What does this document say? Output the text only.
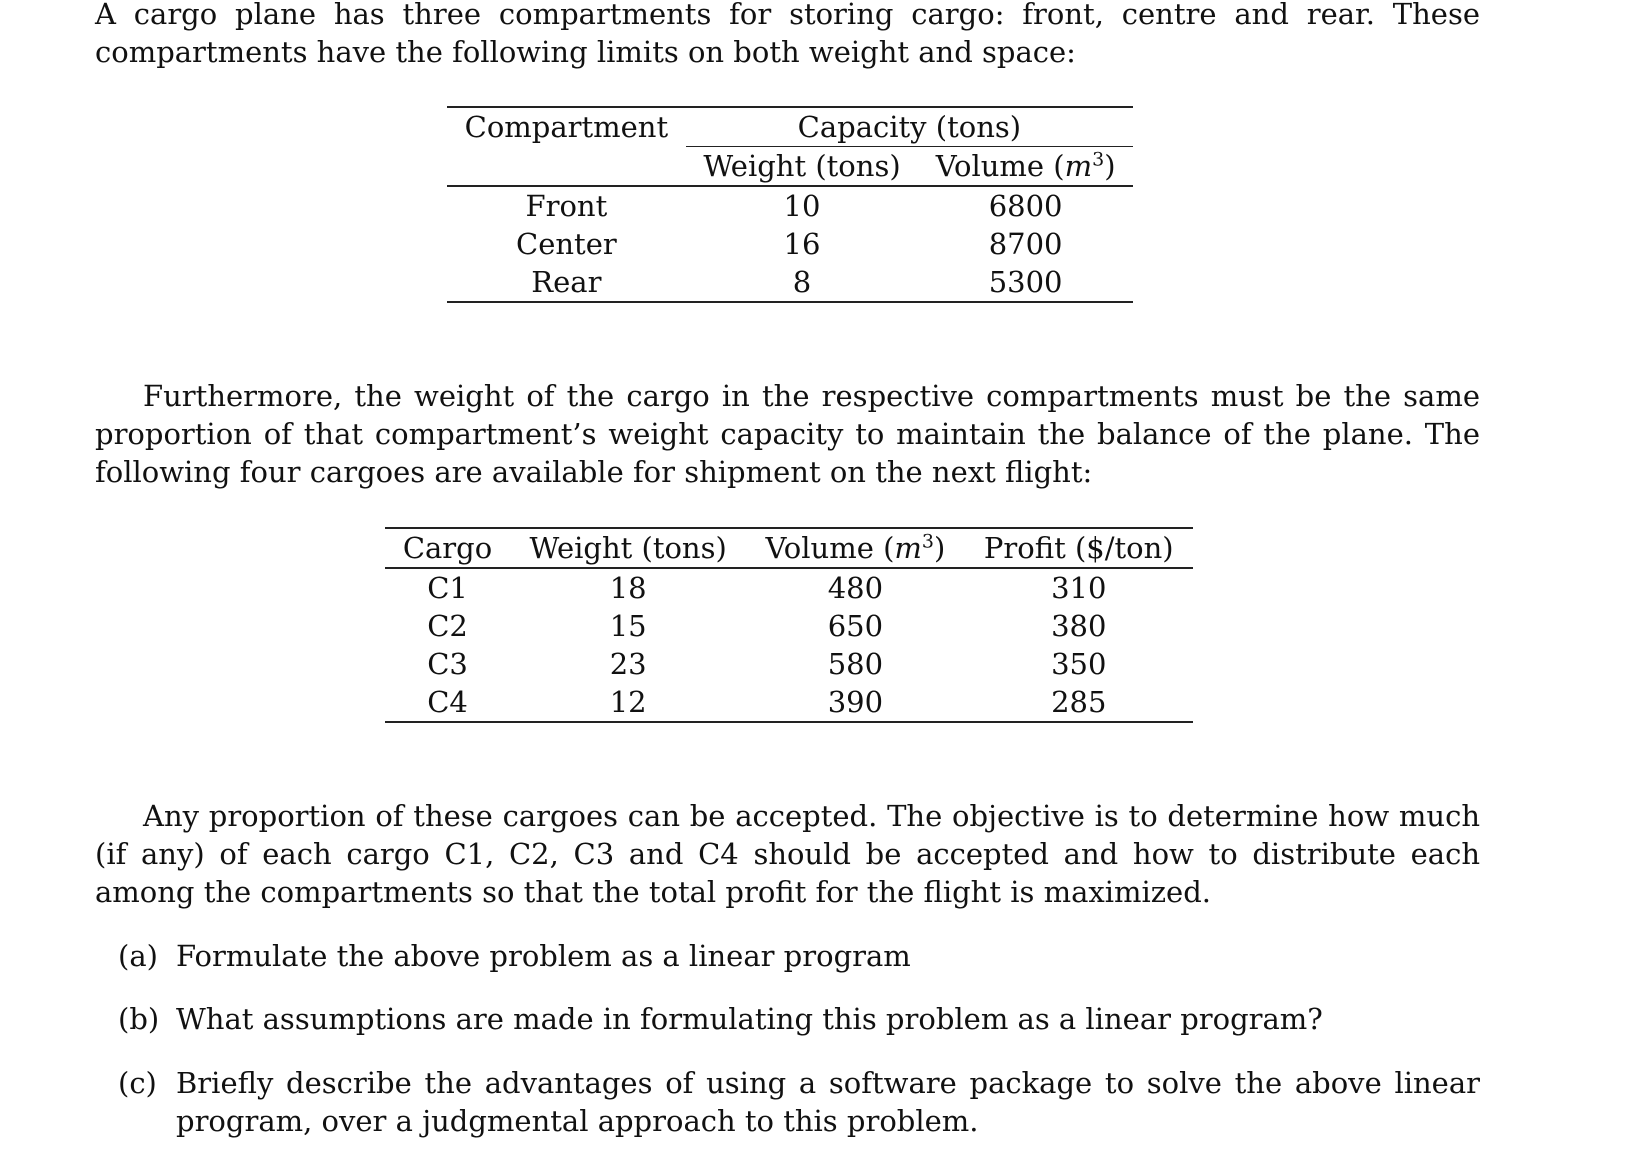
A cargo plane has three compartments for storing cargo: front, centre and rear. These compartments have the following limits on both weight and space:

Compartment	Capacity (tons)	
	Weight (tons)	Volume $(m^3)$
Front	10	6800
Center	16	8700
Rear	8	5300

Furthermore, the weight of the cargo in the respective compartments must be the same proportion of that compartment’s weight capacity to maintain the balance of the plane. The following four cargoes are available for shipment on the next flight:

Cargo	Weight (tons)	Volume $(m^3)$	Profit ($/ton)
C1	18	480	310
C2	15	650	380
C3	23	580	350
C4	12	390	285

Any proportion of these cargoes can be accepted. The objective is to determine how much (if any) of each cargo C1, C2, C3 and C4 should be accepted and how to distribute each among the compartments so that the total profit for the flight is maximized.

(a) Formulate the above problem as a linear program
(b) What assumptions are made in formulating this problem as a linear program?
(c) Briefly describe the advantages of using a software package to solve the above linear program, over a judgmental approach to this problem.
